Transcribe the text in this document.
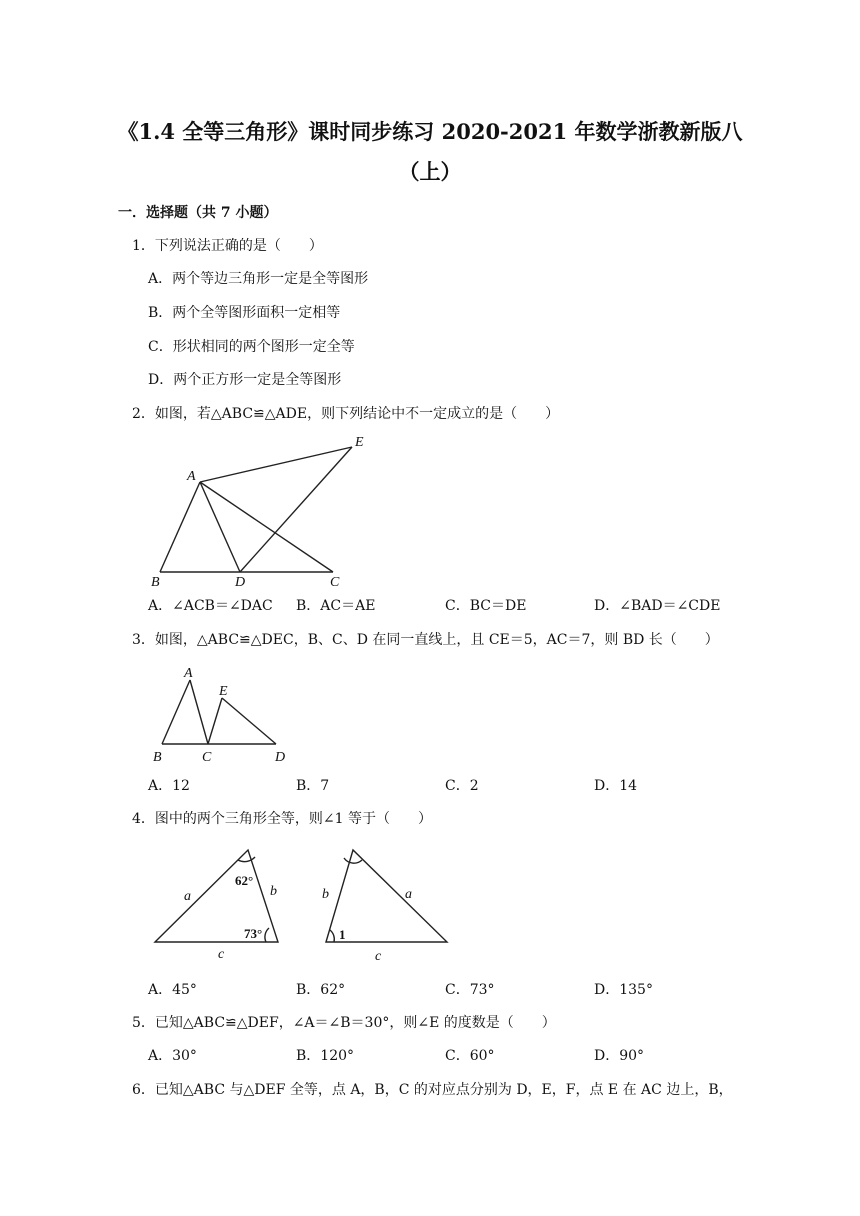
《1.4 全等三角形》课时同步练习 2020-2021 年数学浙教新版八
（上）
一．选择题（共 7 小题）
1．下列说法正确的是（　　）
A．两个等边三角形一定是全等图形
B．两个全等图形面积一定相等
C．形状相同的两个图形一定全等
D．两个正方形一定是全等图形
2．如图，若△ABC≌△ADE，则下列结论中不一定成立的是（　　）
A
B	C
D
E
A
B	C	D
E
a	b
c
62°
73°
b	a
1
c
A．∠ACB＝∠DAC B．AC＝AE	C．BC＝DE	D．∠BAD＝∠CDE
3．如图，△ABC≌△DEC，B、C、D 在同一直线上，且 CE＝5，AC＝7，则 BD 长（　　）
A．12	B．7	C．2	D．14
4．图中的两个三角形全等，则∠1 等于（　　）
A．45°	B．62°	C．73°	D．135°
5．已知△ABC≌△DEF，∠A＝∠B＝30°，则∠E 的度数是（　　）
A．30°	B．120°	C．60°	D．90°
6．已知△ABC 与△DEF 全等，点 A，B，C 的对应点分别为 D，E，F，点 E 在 AC 边上，B，
